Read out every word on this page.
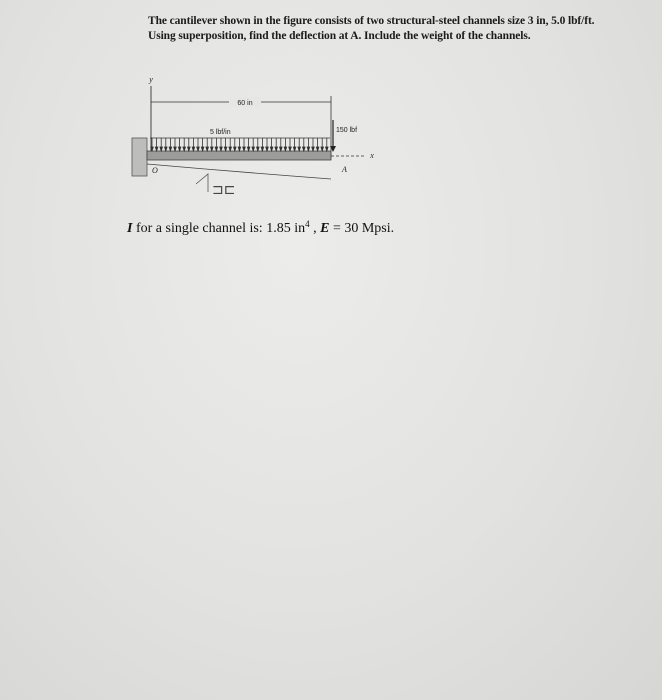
The cantilever shown in the figure consists of two structural-steel channels size 3 in, 5.0 lbf/ft.

Using superposition, find the deflection at A. Include the weight of the channels.

y
60 in
150 lbf
5 lbf/in
x
O	A
⊐⊏
I for a single channel is: 1.85 $in^4$ , E = 30 Mpsi.
